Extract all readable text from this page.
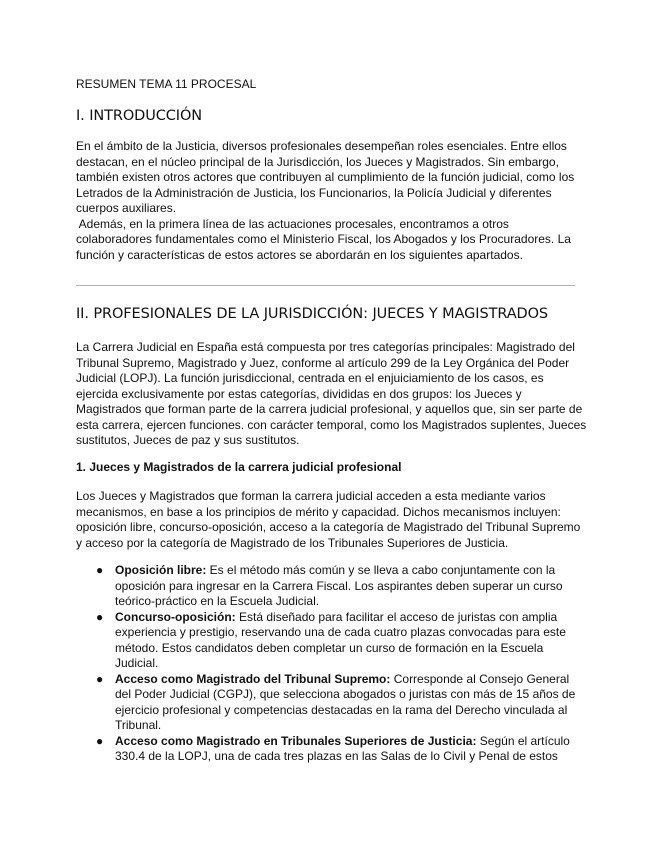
RESUMEN TEMA 11 PROCESAL
I. INTRODUCCIÓN
En el ámbito de la Justicia, diversos profesionales desempeñan roles esenciales. Entre ellos
destacan, en el núcleo principal de la Jurisdicción, los Jueces y Magistrados. Sin embargo,
también existen otros actores que contribuyen al cumplimiento de la función judicial, como los
Letrados de la Administración de Justicia, los Funcionarios, la Policía Judicial y diferentes
cuerpos auxiliares.
Además, en la primera línea de las actuaciones procesales, encontramos a otros
colaboradores fundamentales como el Ministerio Fiscal, los Abogados y los Procuradores. La
función y características de estos actores se abordarán en los siguientes apartados.
II. PROFESIONALES DE LA JURISDICCIÓN: JUECES Y MAGISTRADOS
La Carrera Judicial en España está compuesta por tres categorías principales: Magistrado del
Tribunal Supremo, Magistrado y Juez, conforme al artículo 299 de la Ley Orgánica del Poder
Judicial (LOPJ). La función jurisdiccional, centrada en el enjuiciamiento de los casos, es
ejercida exclusivamente por estas categorías, divididas en dos grupos: los Jueces y
Magistrados que forman parte de la carrera judicial profesional, y aquellos que, sin ser parte de
esta carrera, ejercen funciones. con carácter temporal, como los Magistrados suplentes, Jueces
sustitutos, Jueces de paz y sus sustitutos.
1. Jueces y Magistrados de la carrera judicial profesional
Los Jueces y Magistrados que forman la carrera judicial acceden a esta mediante varios
mecanismos, en base a los principios de mérito y capacidad. Dichos mecanismos incluyen:
oposición libre, concurso-oposición, acceso a la categoría de Magistrado del Tribunal Supremo
y acceso por la categoría de Magistrado de los Tribunales Superiores de Justicia.
● Oposición libre: Es el método más común y se lleva a cabo conjuntamente con la
oposición para ingresar en la Carrera Fiscal. Los aspirantes deben superar un curso
teórico-práctico en la Escuela Judicial.
● Concurso-oposición: Está diseñado para facilitar el acceso de juristas con amplia
experiencia y prestigio, reservando una de cada cuatro plazas convocadas para este
método. Estos candidatos deben completar un curso de formación en la Escuela
Judicial.
● Acceso como Magistrado del Tribunal Supremo: Corresponde al Consejo General
del Poder Judicial (CGPJ), que selecciona abogados o juristas con más de 15 años de
ejercicio profesional y competencias destacadas en la rama del Derecho vinculada al
Tribunal.
● Acceso como Magistrado en Tribunales Superiores de Justicia: Según el artículo
330.4 de la LOPJ, una de cada tres plazas en las Salas de lo Civil y Penal de estos
